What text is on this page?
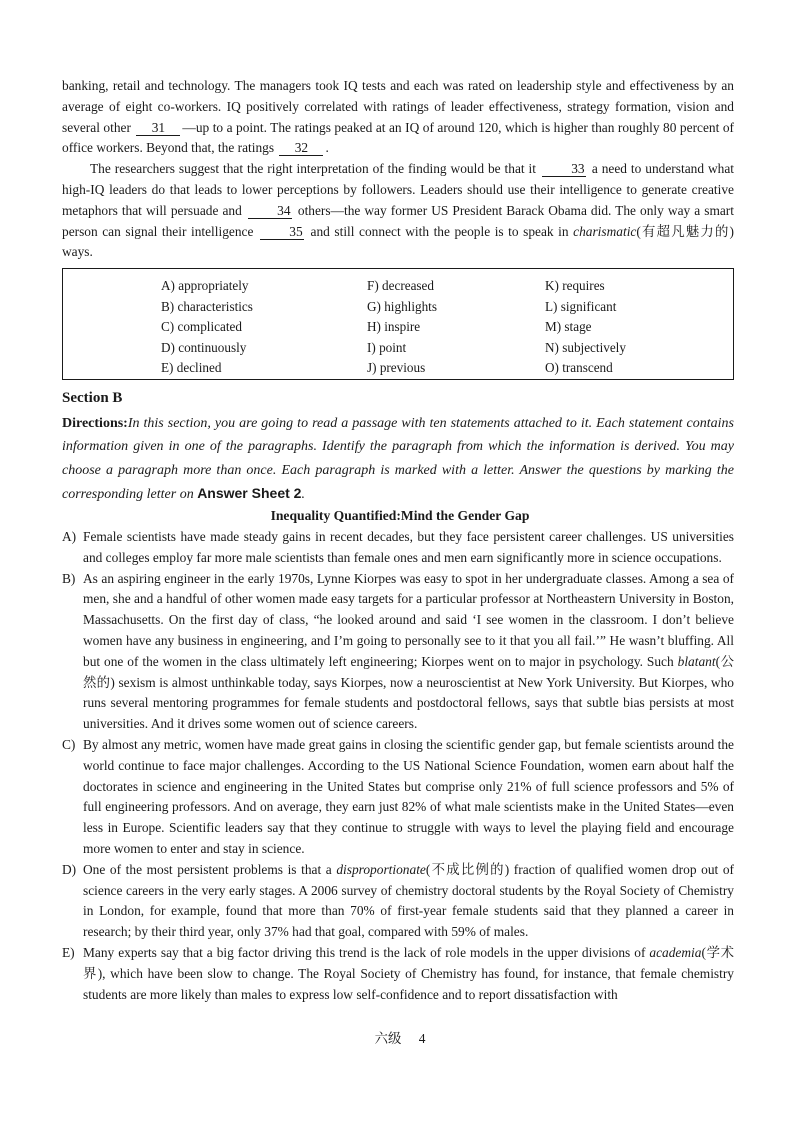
banking, retail and technology. The managers took IQ tests and each was rated on leadership style and effectiveness by an average of eight co-workers. IQ positively correlated with ratings of leader effectiveness, strategy formation, vision and several other 31 —up to a point. The ratings peaked at an IQ of around 120, which is higher than roughly 80 percent of office workers. Beyond that, the ratings 32 .

The researchers suggest that the right interpretation of the finding would be that it 33 a need to understand what high-IQ leaders do that leads to lower perceptions by followers. Leaders should use their intelligence to generate creative metaphors that will persuade and 34 others—the way former US President Barack Obama did. The only way a smart person can signal their intelligence 35 and still connect with the people is to speak in charismatic(有超凡魅力的) ways.

A) appropriately
B) characteristics
C) complicated
D) continuously
E) declined
F) decreased
G) highlights
H) inspire
I) point
J) previous
K) requires
L) significant
M) stage
N) subjectively
O) transcend
Section B

Directions:In this section, you are going to read a passage with ten statements attached to it. Each statement contains information given in one of the paragraphs. Identify the paragraph from which the information is derived. You may choose a paragraph more than once. Each paragraph is marked with a letter. Answer the questions by marking the corresponding letter on Answer Sheet 2.

Inequality Quantified:Mind the Gender Gap
A) Female scientists have made steady gains in recent decades, but they face persistent career challenges. US universities and colleges employ far more male scientists than female ones and men earn significantly more in science occupations.
B) As an aspiring engineer in the early 1970s, Lynne Kiorpes was easy to spot in her undergraduate classes. Among a sea of men, she and a handful of other women made easy targets for a particular professor at Northeastern University in Boston, Massachusetts. On the first day of class, “he looked around and said ‘I see women in the classroom. I don’t believe women have any business in engineering, and I’m going to personally see to it that you all fail.’” He wasn’t bluffing. All but one of the women in the class ultimately left engineering; Kiorpes went on to major in psychology. Such blatant(公然的) sexism is almost unthinkable today, says Kiorpes, now a neuroscientist at New York University. But Kiorpes, who runs several mentoring programmes for female students and postdoctoral fellows, says that subtle bias persists at most universities. And it drives some women out of science careers.
C) By almost any metric, women have made great gains in closing the scientific gender gap, but female scientists around the world continue to face major challenges. According to the US National Science Foundation, women earn about half the doctorates in science and engineering in the United States but comprise only 21% of full science professors and 5% of full engineering professors. And on average, they earn just 82% of what male scientists make in the United States—even less in Europe. Scientific leaders say that they continue to struggle with ways to level the playing field and encourage more women to enter and stay in science.
D) One of the most persistent problems is that a disproportionate(不成比例的) fraction of qualified women drop out of science careers in the very early stages. A 2006 survey of chemistry doctoral students by the Royal Society of Chemistry in London, for example, found that more than 70% of first-year female students said that they planned a career in research; by their third year, only 37% had that goal, compared with 59% of males.
E) Many experts say that a big factor driving this trend is the lack of role models in the upper divisions of academia(学术界), which have been slow to change. The Royal Society of Chemistry has found, for instance, that female chemistry students are more likely than males to express low self-confidence and to report dissatisfaction with
六级 4
